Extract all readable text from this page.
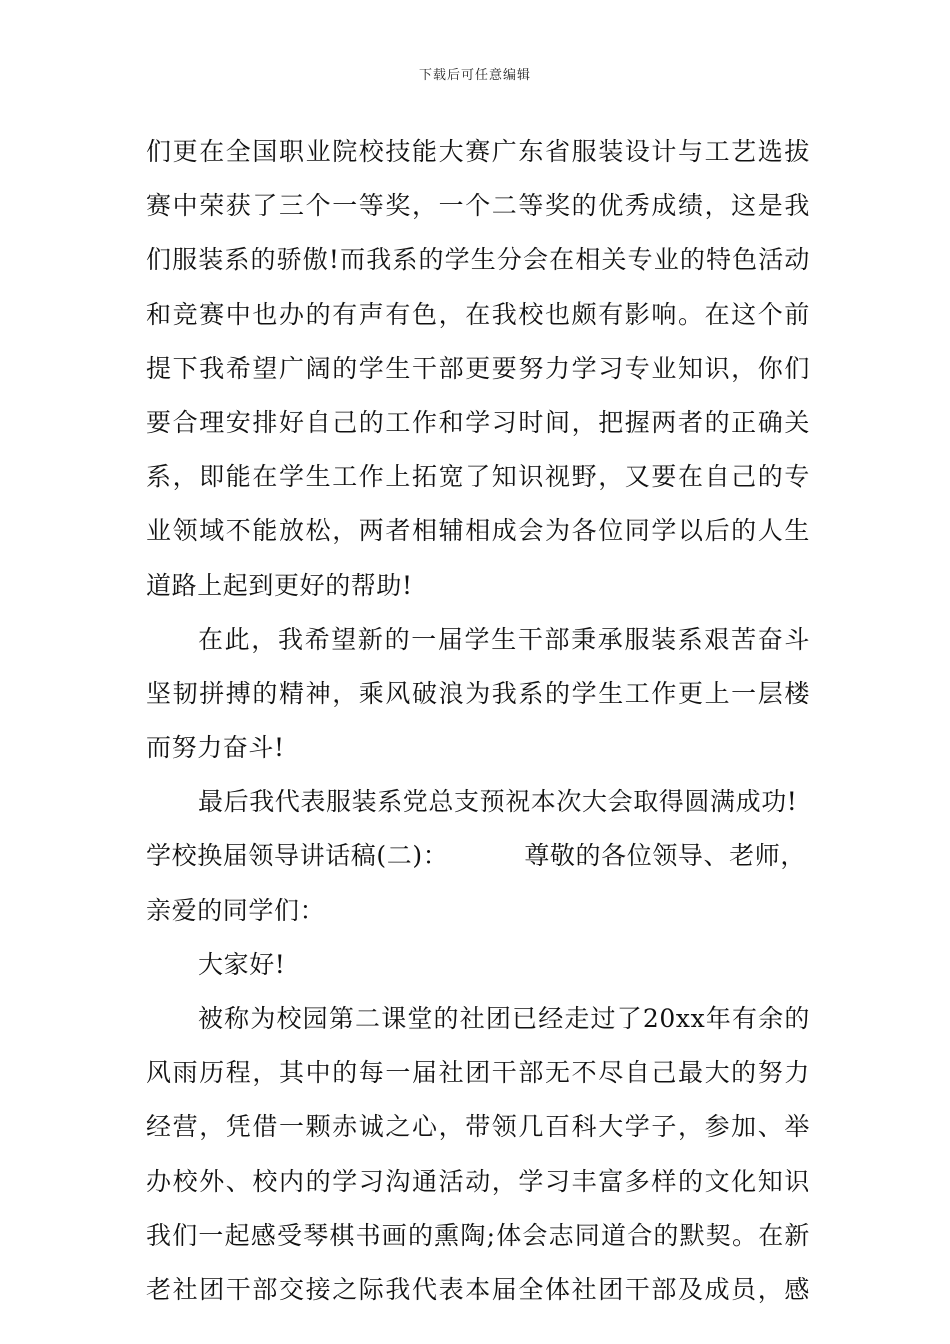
下载后可任意编辑
们更在全国职业院校技能大赛广东省服装设计与工艺选拔
赛中荣获了三个一等奖，一个二等奖的优秀成绩，这是我
们服装系的骄傲!而我系的学生分会在相关专业的特色活动
和竞赛中也办的有声有色，在我校也颇有影响。在这个前
提下我希望广阔的学生干部更要努力学习专业知识，你们
要合理安排好自己的工作和学习时间，把握两者的正确关
系，即能在学生工作上拓宽了知识视野，又要在自己的专
业领域不能放松，两者相辅相成会为各位同学以后的人生
道路上起到更好的帮助!
在此，我希望新的一届学生干部秉承服装系艰苦奋斗
坚韧拼搏的精神，乘风破浪为我系的学生工作更上一层楼
而努力奋斗!
最后我代表服装系党总支预祝本次大会取得圆满成功!
学校换届领导讲话稿(二)：	尊敬的各位领导、老师，
亲爱的同学们：
大家好!
被称为校园第二课堂的社团已经走过了20xx年有余的
风雨历程，其中的每一届社团干部无不尽自己最大的努力
经营，凭借一颗赤诚之心，带领几百科大学子，参加、举
办校外、校内的学习沟通活动，学习丰富多样的文化知识
我们一起感受琴棋书画的熏陶;体会志同道合的默契。在新
老社团干部交接之际我代表本届全体社团干部及成员，感
